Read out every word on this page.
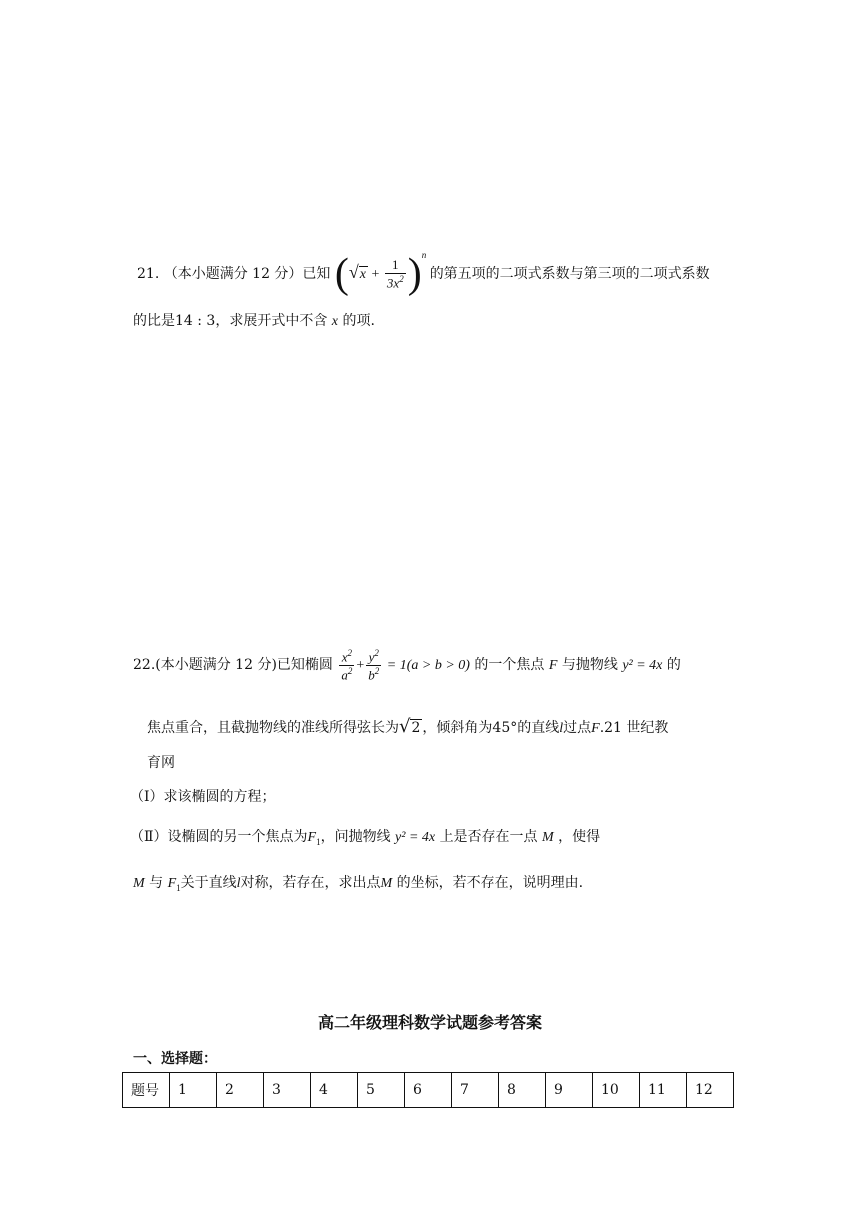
21. （本小题满分 12 分）已知 $(√x + \frac{1}{3x^2} )^n$ 的第五项的二项式系数与第三项的二项式系数
的比是14 : 3，求展开式中不含 x 的项.
22.(本小题满分 12 分)已知椭圆 $\frac{x^2}{a^2} + \frac{y^2}{b^2} = 1(a > b > 0)$ 的一个焦点 F 与抛物线 y² = 4x 的
焦点重合，且截抛物线的准线所得弦长为√2 ，倾斜角为45°的直线l过点F.21 世纪教
育网
（Ⅰ）求该椭圆的方程；
（Ⅱ）设椭圆的另一个焦点为$F_1$，问抛物线 y² = 4x 上是否存在一点 M ，使得
M 与 $F_1$关于直线l对称，若存在，求出点M 的坐标，若不存在，说明理由.
高二年级理科数学试题参考答案
一、选择题：
题号	1	2	3	4	5	6	7	8	9	10	11	12
